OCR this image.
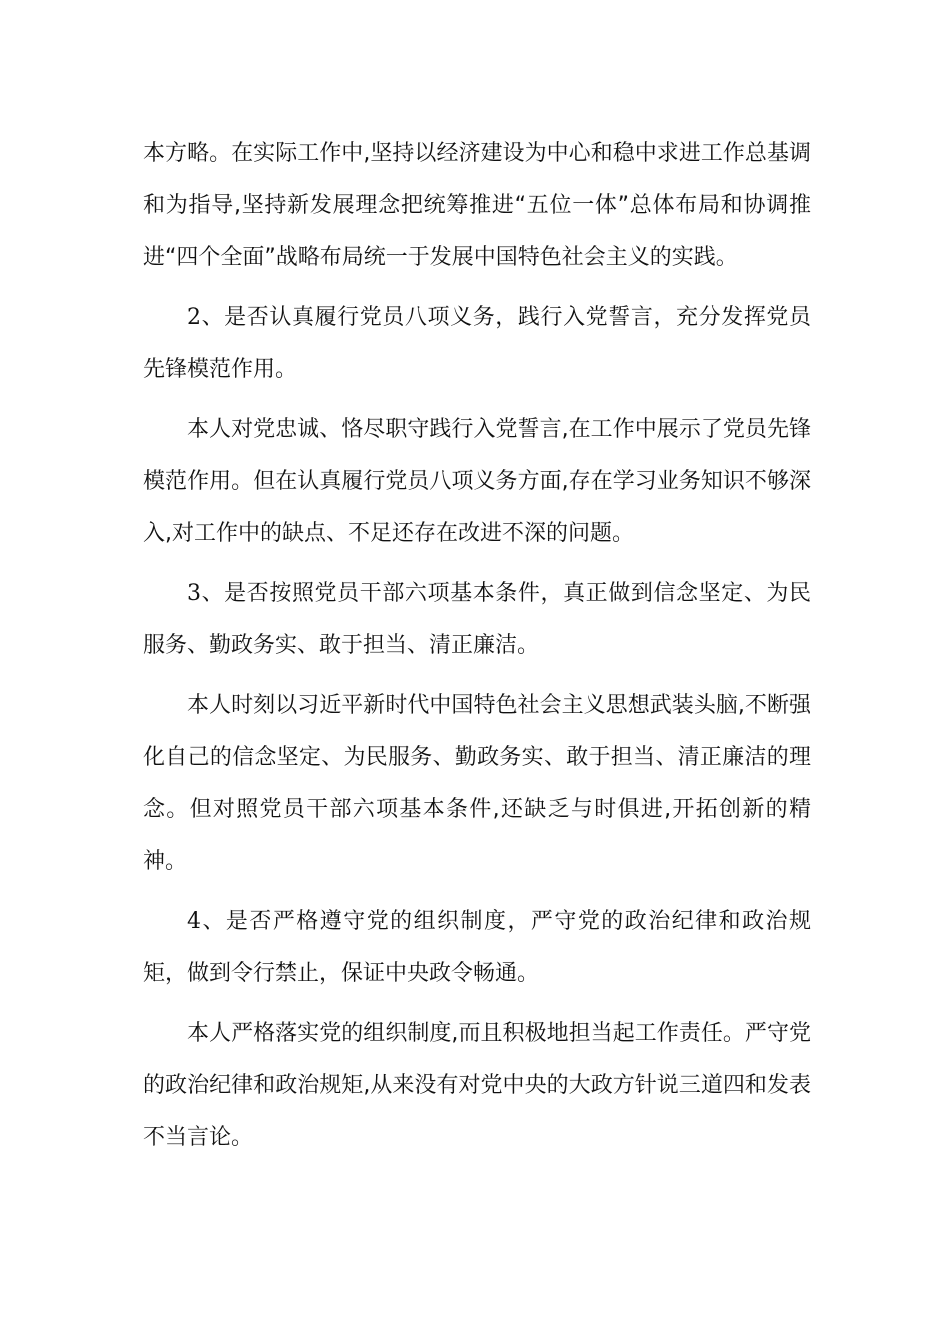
本方略。在实际工作中,坚持以经济建设为中心和稳中求进工作总基调和为指导,坚持新发展理念把统筹推进“五位一体”总体布局和协调推进“四个全面”战略布局统一于发展中国特色社会主义的实践。

2、是否认真履行党员八项义务，践行入党誓言，充分发挥党员先锋模范作用。

本人对党忠诚、恪尽职守践行入党誓言,在工作中展示了党员先锋模范作用。但在认真履行党员八项义务方面,存在学习业务知识不够深入,对工作中的缺点、不足还存在改进不深的问题。

3、是否按照党员干部六项基本条件，真正做到信念坚定、为民服务、勤政务实、敢于担当、清正廉洁。

本人时刻以习近平新时代中国特色社会主义思想武装头脑,不断强化自己的信念坚定、为民服务、勤政务实、敢于担当、清正廉洁的理念。但对照党员干部六项基本条件,还缺乏与时俱进,开拓创新的精神。

4、是否严格遵守党的组织制度，严守党的政治纪律和政治规矩，做到令行禁止，保证中央政令畅通。

本人严格落实党的组织制度,而且积极地担当起工作责任。严守党的政治纪律和政治规矩,从来没有对党中央的大政方针说三道四和发表不当言论。
